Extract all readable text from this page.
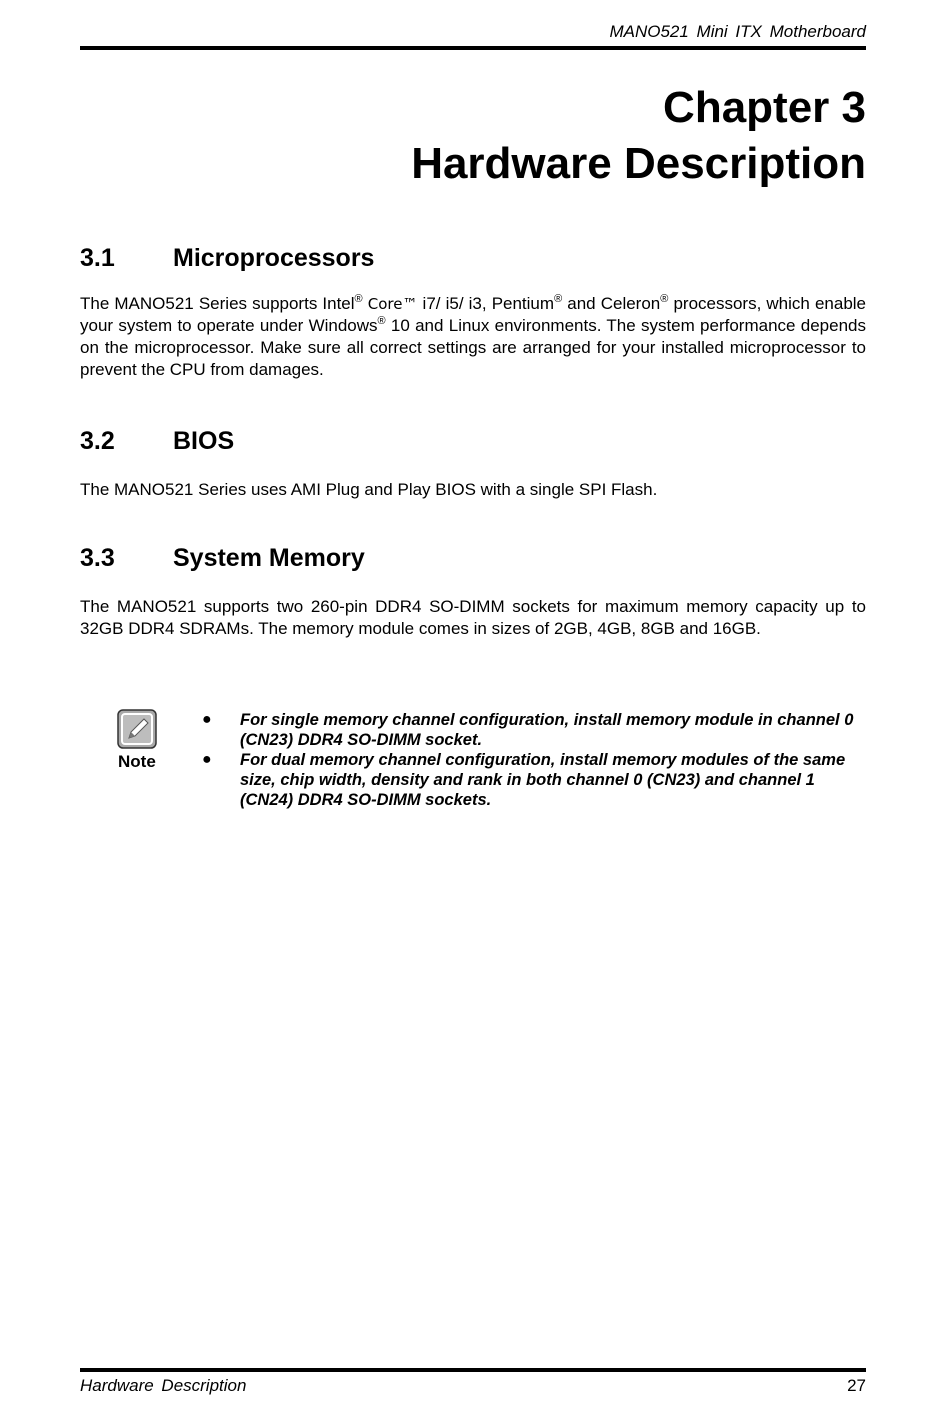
MANO521 Mini ITX Motherboard
Chapter 3
Hardware Description
3.1 Microprocessors
The MANO521 Series supports Intel® Core™ i7/ i5/ i3, Pentium® and Celeron® processors, which enable your system to operate under Windows® 10 and Linux environments. The system performance depends on the microprocessor. Make sure all correct settings are arranged for your installed microprocessor to prevent the CPU from damages.
3.2 BIOS
The MANO521 Series uses AMI Plug and Play BIOS with a single SPI Flash.
3.3 System Memory
The MANO521 supports two 260-pin DDR4 SO-DIMM sockets for maximum memory capacity up to 32GB DDR4 SDRAMs. The memory module comes in sizes of 2GB, 4GB, 8GB and 16GB.
Note
● For single memory channel configuration, install memory module in channel 0 (CN23) DDR4 SO-DIMM socket.
● For dual memory channel configuration, install memory modules of the same size, chip width, density and rank in both channel 0 (CN23) and channel 1 (CN24) DDR4 SO-DIMM sockets.
Hardware Description	27
